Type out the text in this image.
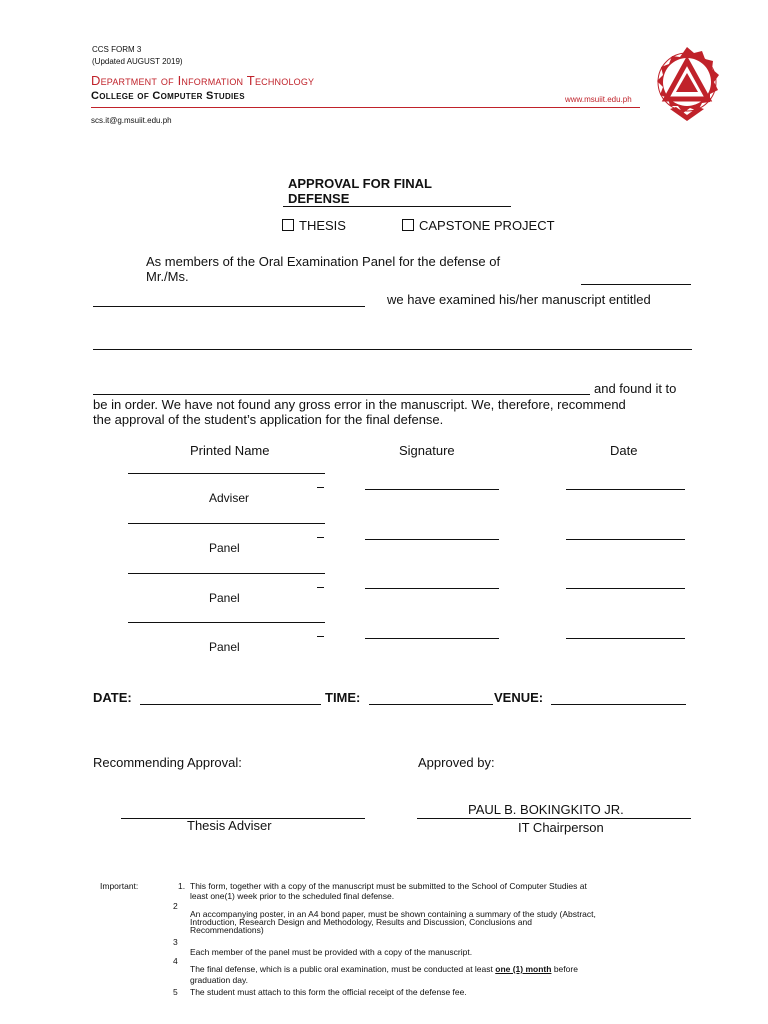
CCS FORM 3
(Updated AUGUST 2019)
Department of Information Technology
College of Computer Studies	www.msuiit.edu.ph
scs.it@g.msuiit.edu.ph
APPROVAL FOR FINAL
DEFENSE
THESIS	CAPSTONE PROJECT
As members of the Oral Examination Panel for the defense of
Mr./Ms.
we have examined his/her manuscript entitled
and found it to
be in order. We have not found any gross error in the manuscript. We, therefore, recommend
the approval of the student’s application for the final defense.
Printed Name	Signature	Date
Adviser
Panel
Panel
Panel
DATE:	TIME:	VENUE:
Recommending Approval:	Approved by:
Thesis Adviser
PAUL B. BOKINGKITO JR.
IT Chairperson
Important:	1. This form, together with a copy of the manuscript must be submitted to the School of Computer Studies at
least one(1) week prior to the scheduled final defense.
2
An accompanying poster, in an A4 bond paper, must be shown containing a summary of the study (Abstract,
Introduction, Research Design and Methodology, Results and Discussion, Conclusions and
Recommendations)
3
Each member of the panel must be provided with a copy of the manuscript.
4
The final defense, which is a public oral examination, must be conducted at least one (1) month before
graduation day.
5 The student must attach to this form the official receipt of the defense fee.
